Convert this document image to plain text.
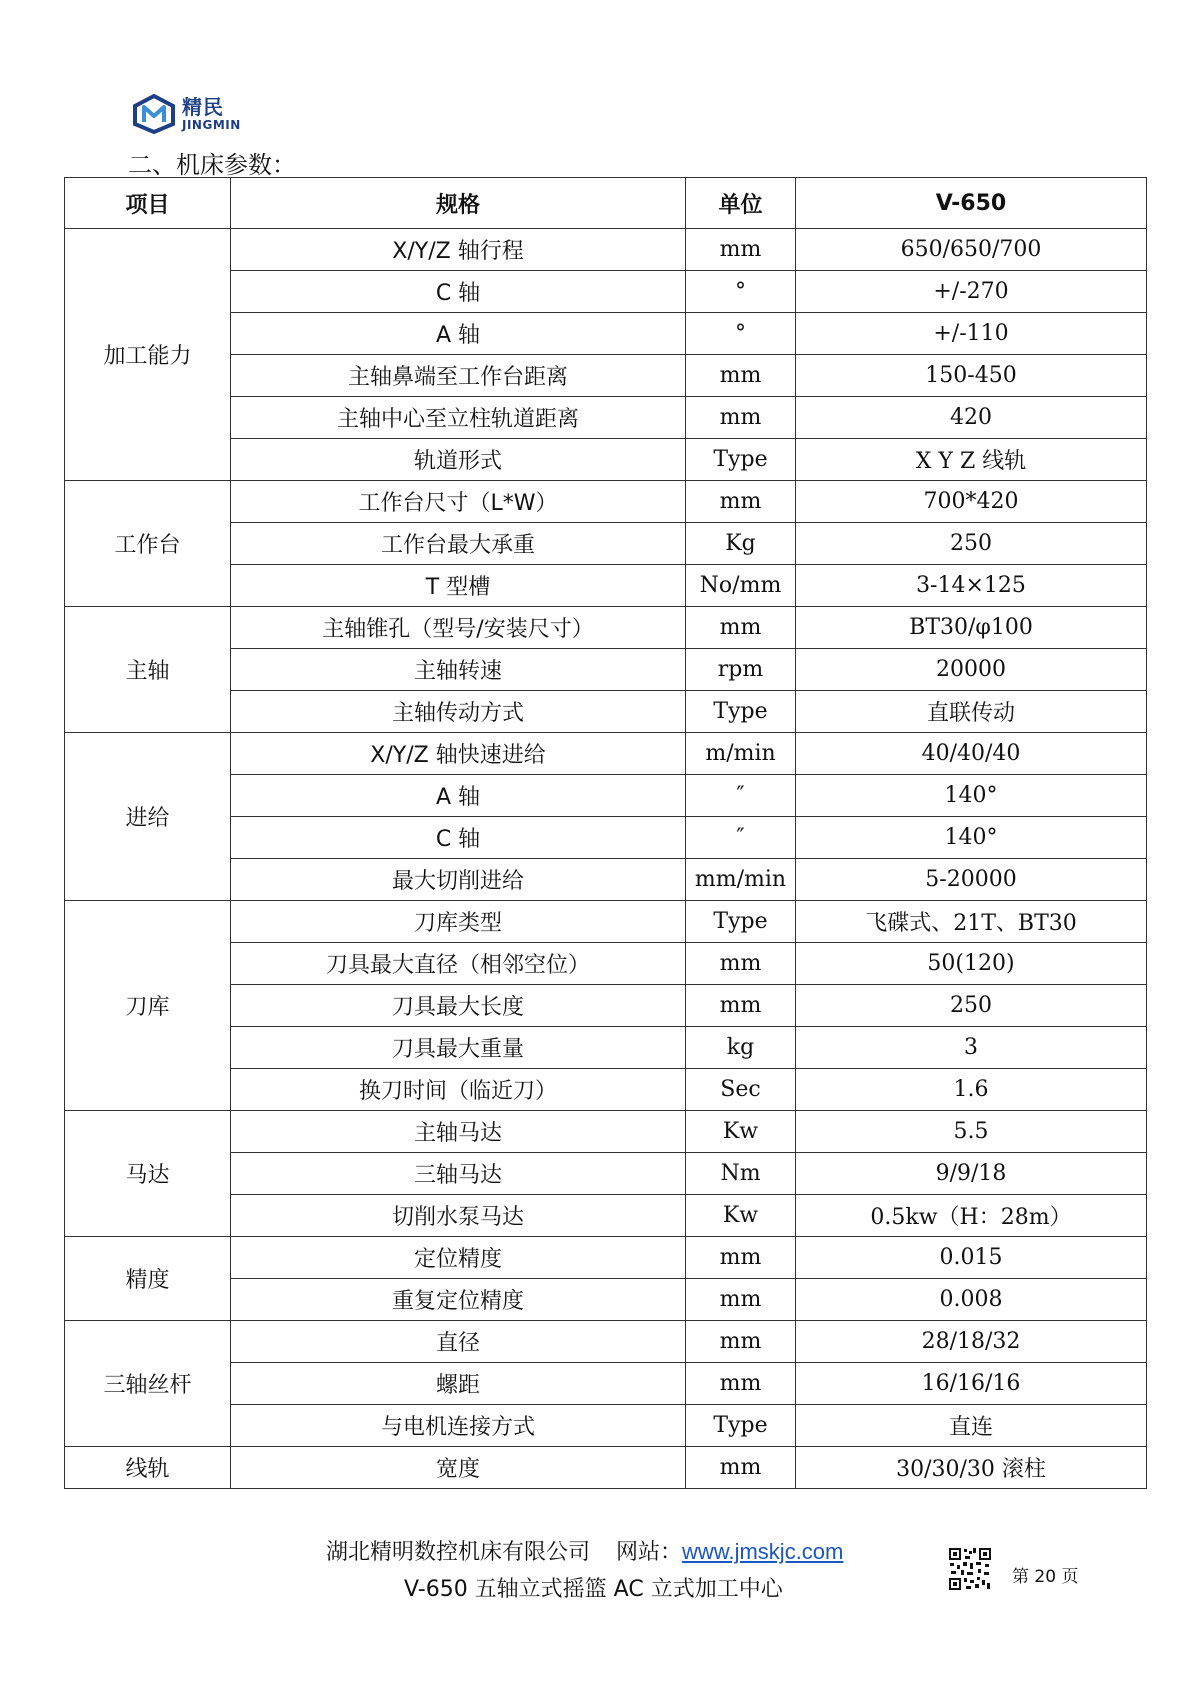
精民
JINGMIN
二、机床参数：
项目	规格	单位	V-650
加工能力	X/Y/Z 轴行程	mm	650/650/700
	C 轴	°	+/-270
	A 轴	°	+/-110
	主轴鼻端至工作台距离	mm	150-450
	主轴中心至立柱轨道距离	mm	420
	轨道形式	Type	X Y Z 线轨
工作台	工作台尺寸（L*W）	mm	700*420
	工作台最大承重	Kg	250
	T 型槽	No/mm	3-14×125
主轴	主轴锥孔（型号/安装尺寸）	mm	BT30/φ100
	主轴转速	rpm	20000
	主轴传动方式	Type	直联传动
进给	X/Y/Z 轴快速进给	m/min	40/40/40
	A 轴	″	140°
	C 轴	″	140°
	最大切削进给	mm/min	5-20000
刀库	刀库类型	Type	飞碟式、21T、BT30
	刀具最大直径（相邻空位）	mm	50(120)
	刀具最大长度	mm	250
	刀具最大重量	kg	3
	换刀时间（临近刀）	Sec	1.6
马达	主轴马达	Kw	5.5
	三轴马达	Nm	9/9/18
	切削水泵马达	Kw	0.5kw（H：28m）
精度	定位精度	mm	0.015
	重复定位精度	mm	0.008
三轴丝杆	直径	mm	28/18/32
	螺距	mm	16/16/16
	与电机连接方式	Type	直连
线轨	宽度	mm	30/30/30 滚柱
湖北精明数控机床有限公司 网站：www.jmskjc.com
V-650 五轴立式摇篮 AC 立式加工中心	第 20 页
